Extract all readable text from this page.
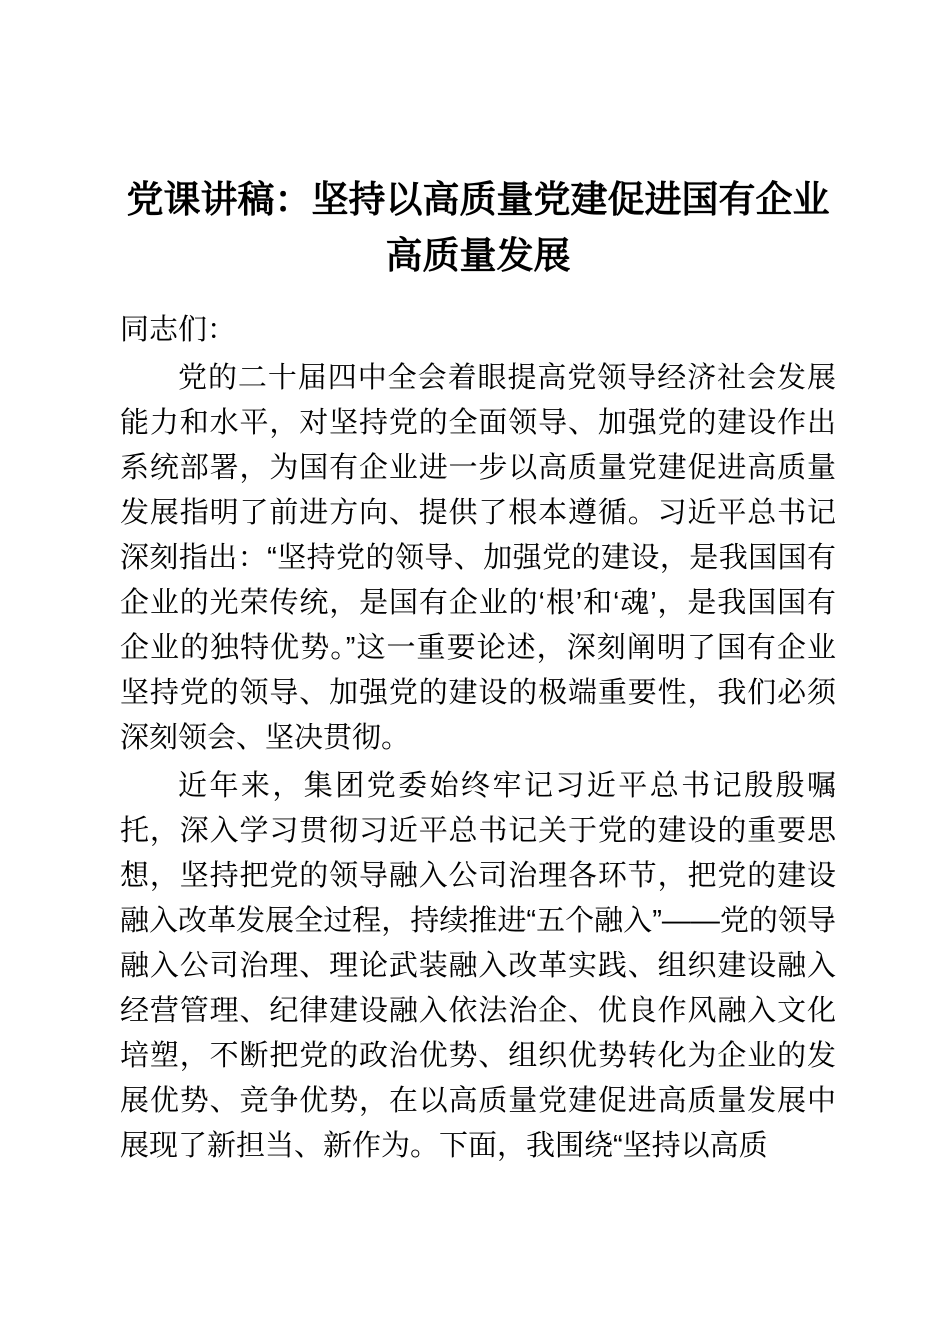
党课讲稿：坚持以高质量党建促进国有企业高质量发展

同志们：

党的二十届四中全会着眼提高党领导经济社会发展能力和水平，对坚持党的全面领导、加强党的建设作出系统部署，为国有企业进一步以高质量党建促进高质量发展指明了前进方向、提供了根本遵循。习近平总书记深刻指出：“坚持党的领导、加强党的建设，是我国国有企业的光荣传统，是国有企业的‘根’和‘魂’，是我国国有企业的独特优势。”这一重要论述，深刻阐明了国有企业坚持党的领导、加强党的建设的极端重要性，我们必须深刻领会、坚决贯彻。

近年来，集团党委始终牢记习近平总书记殷殷嘱托，深入学习贯彻习近平总书记关于党的建设的重要思想，坚持把党的领导融入公司治理各环节，把党的建设融入改革发展全过程，持续推进“五个融入”——党的领导融入公司治理、理论武装融入改革实践、组织建设融入经营管理、纪律建设融入依法治企、优良作风融入文化培塑，不断把党的政治优势、组织优势转化为企业的发展优势、竞争优势，在以高质量党建促进高质量发展中展现了新担当、新作为。下面，我围绕“坚持以高质
